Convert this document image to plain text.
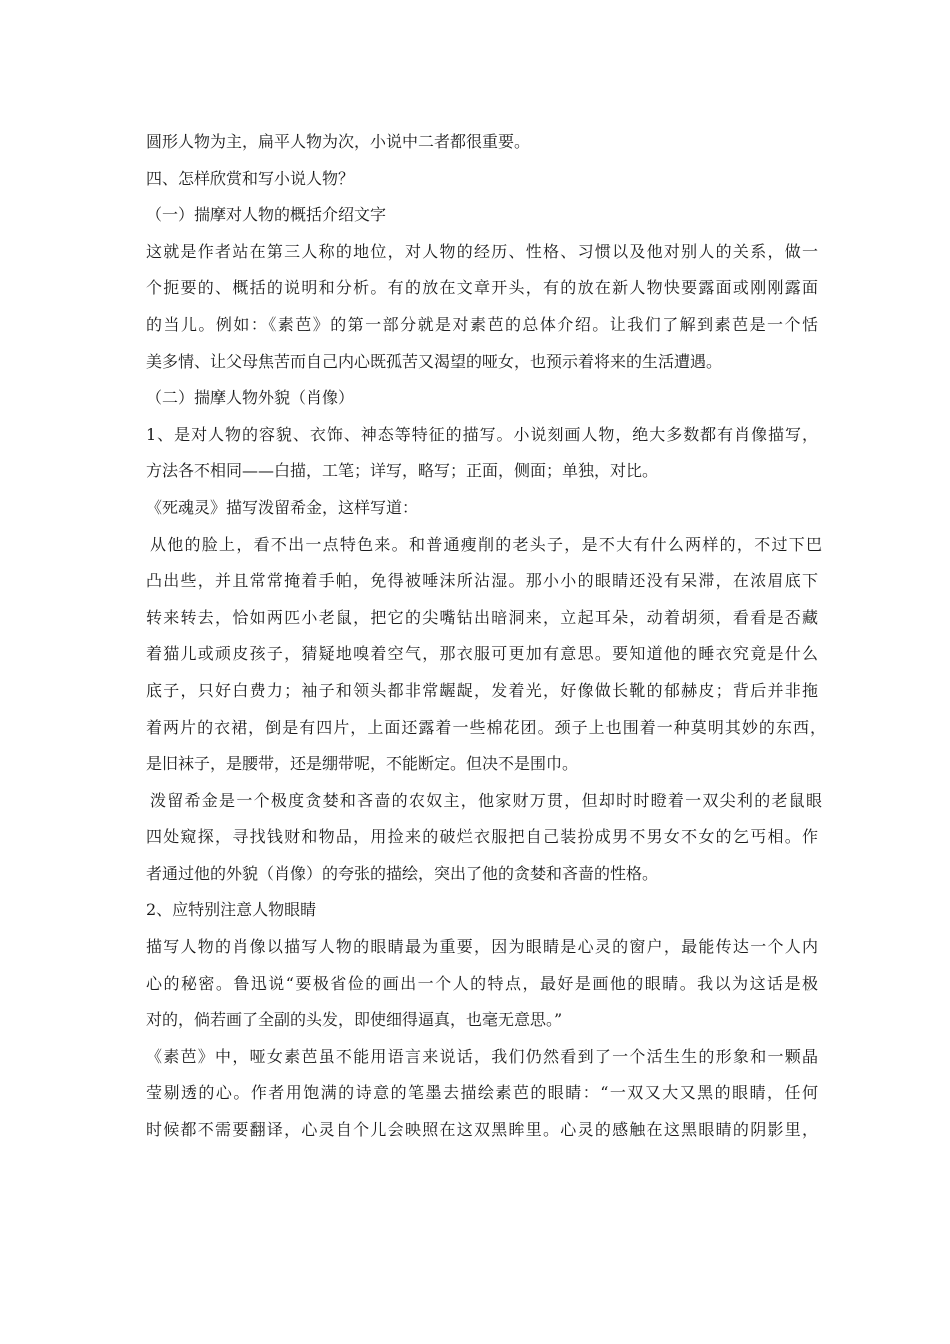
圆形人物为主，扁平人物为次，小说中二者都很重要。
四、怎样欣赏和写小说人物？
（一）揣摩对人物的概括介绍文字
这就是作者站在第三人称的地位，对人物的经历、性格、习惯以及他对别人的关系，做一
个扼要的、概括的说明和分析。有的放在文章开头，有的放在新人物快要露面或刚刚露面
的当儿。例如：《素芭》的第一部分就是对素芭的总体介绍。让我们了解到素芭是一个恬
美多情、让父母焦苦而自己内心既孤苦又渴望的哑女，也预示着将来的生活遭遇。
（二）揣摩人物外貌（肖像）
1、是对人物的容貌、衣饰、神态等特征的描写。小说刻画人物，绝大多数都有肖像描写，
方法各不相同——白描，工笔；详写，略写；正面，侧面；单独，对比。
《死魂灵》描写泼留希金，这样写道：
从他的脸上，看不出一点特色来。和普通瘦削的老头子，是不大有什么两样的，不过下巴
凸出些，并且常常掩着手帕，免得被唾沫所沾湿。那小小的眼睛还没有呆滞，在浓眉底下
转来转去，恰如两匹小老鼠，把它的尖嘴钻出暗洞来，立起耳朵，动着胡须，看看是否藏
着猫儿或顽皮孩子，猜疑地嗅着空气，那衣服可更加有意思。要知道他的睡衣究竟是什么
底子，只好白费力；袖子和领头都非常龌龊，发着光，好像做长靴的郁赫皮；背后并非拖
着两片的衣裙，倒是有四片，上面还露着一些棉花团。颈子上也围着一种莫明其妙的东西，
是旧袜子，是腰带，还是绷带呢，不能断定。但决不是围巾。
泼留希金是一个极度贪婪和吝啬的农奴主，他家财万贯，但却时时瞪着一双尖利的老鼠眼
四处窥探，寻找钱财和物品，用捡来的破烂衣服把自己装扮成男不男女不女的乞丐相。作
者通过他的外貌（肖像）的夸张的描绘，突出了他的贪婪和吝啬的性格。
2、应特别注意人物眼睛
描写人物的肖像以描写人物的眼睛最为重要，因为眼睛是心灵的窗户，最能传达一个人内
心的秘密。鲁迅说“要极省俭的画出一个人的特点，最好是画他的眼睛。我以为这话是极
对的，倘若画了全副的头发，即使细得逼真，也毫无意思。”
《素芭》中，哑女素芭虽不能用语言来说话，我们仍然看到了一个活生生的形象和一颗晶
莹剔透的心。作者用饱满的诗意的笔墨去描绘素芭的眼睛：“一双又大又黑的眼睛，任何
时候都不需要翻译，心灵自个儿会映照在这双黑眸里。心灵的感触在这黑眼睛的阴影里，
